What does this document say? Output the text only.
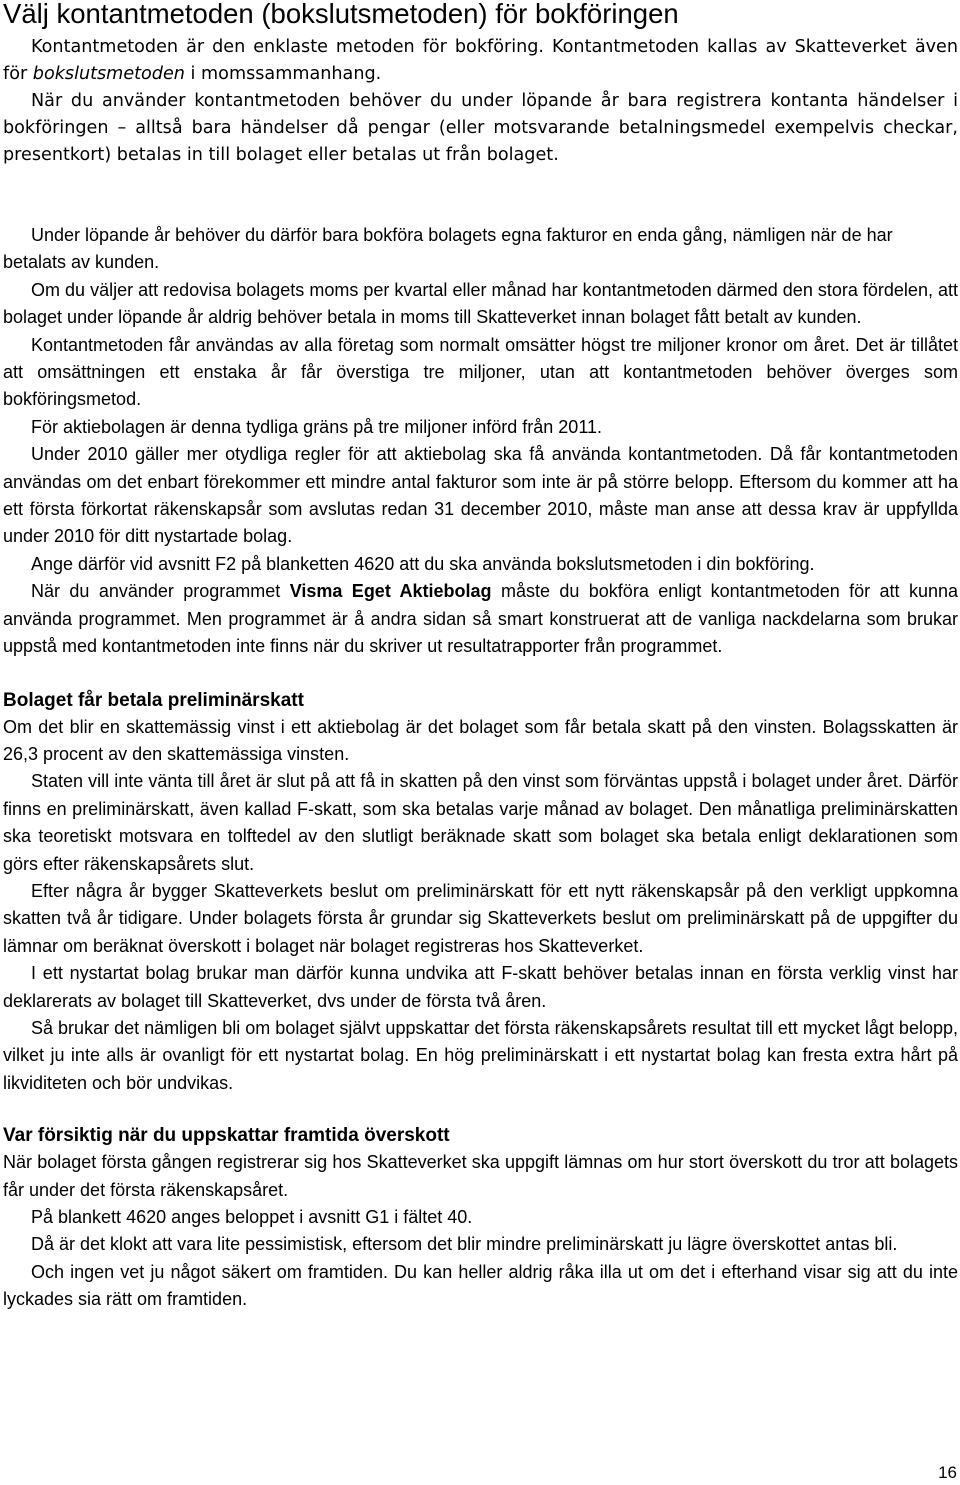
Välj kontantmetoden (bokslutsmetoden) för bokföringen

Kontantmetoden är den enklaste metoden för bokföring. Kontantmetoden kallas av Skatteverket även för bokslutsmetoden i momssammanhang.

När du använder kontantmetoden behöver du under löpande år bara registrera kontanta händelser i bokföringen – alltså bara händelser då pengar (eller motsvarande betalningsmedel exempelvis checkar, presentkort) betalas in till bolaget eller betalas ut från bolaget.

Under löpande år behöver du därför bara bokföra bolagets egna fakturor en enda gång, nämligen när de har betalats av kunden.

Om du väljer att redovisa bolagets moms per kvartal eller månad har kontantmetoden därmed den stora fördelen, att bolaget under löpande år aldrig behöver betala in moms till Skatteverket innan bolaget fått betalt av kunden.

Kontantmetoden får användas av alla företag som normalt omsätter högst tre miljoner kronor om året. Det är tillåtet att omsättningen ett enstaka år får överstiga tre miljoner, utan att kontantmetoden behöver överges som bokföringsmetod.

För aktiebolagen är denna tydliga gräns på tre miljoner införd från 2011.

Under 2010 gäller mer otydliga regler för att aktiebolag ska få använda kontantmetoden. Då får kontantmetoden användas om det enbart förekommer ett mindre antal fakturor som inte är på större belopp. Eftersom du kommer att ha ett första förkortat räkenskapsår som avslutas redan 31 december 2010, måste man anse att dessa krav är uppfyllda under 2010 för ditt nystartade bolag.

Ange därför vid avsnitt F2 på blanketten 4620 att du ska använda bokslutsmetoden i din bokföring.

När du använder programmet Visma Eget Aktiebolag måste du bokföra enligt kontantmetoden för att kunna använda programmet. Men programmet är å andra sidan så smart konstruerat att de vanliga nackdelarna som brukar uppstå med kontantmetoden inte finns när du skriver ut resultatrapporter från programmet.

Bolaget får betala preliminärskatt

Om det blir en skattemässig vinst i ett aktiebolag är det bolaget som får betala skatt på den vinsten. Bolagsskatten är 26,3 procent av den skattemässiga vinsten.

Staten vill inte vänta till året är slut på att få in skatten på den vinst som förväntas uppstå i bolaget under året. Därför finns en preliminärskatt, även kallad F-skatt, som ska betalas varje månad av bolaget. Den månatliga preliminärskatten ska teoretiskt motsvara en tolftedel av den slutligt beräknade skatt som bolaget ska betala enligt deklarationen som görs efter räkenskapsårets slut.

Efter några år bygger Skatteverkets beslut om preliminärskatt för ett nytt räkenskapsår på den verkligt uppkomna skatten två år tidigare. Under bolagets första år grundar sig Skatteverkets beslut om preliminärskatt på de uppgifter du lämnar om beräknat överskott i bolaget när bolaget registreras hos Skatteverket.

I ett nystartat bolag brukar man därför kunna undvika att F-skatt behöver betalas innan en första verklig vinst har deklarerats av bolaget till Skatteverket, dvs under de första två åren.

Så brukar det nämligen bli om bolaget självt uppskattar det första räkenskapsårets resultat till ett mycket lågt belopp, vilket ju inte alls är ovanligt för ett nystartat bolag. En hög preliminärskatt i ett nystartat bolag kan fresta extra hårt på likviditeten och bör undvikas.

Var försiktig när du uppskattar framtida överskott

När bolaget första gången registrerar sig hos Skatteverket ska uppgift lämnas om hur stort överskott du tror att bolagets får under det första räkenskapsåret.

På blankett 4620 anges beloppet i avsnitt G1 i fältet 40.

Då är det klokt att vara lite pessimistisk, eftersom det blir mindre preliminärskatt ju lägre överskottet antas bli.

Och ingen vet ju något säkert om framtiden. Du kan heller aldrig råka illa ut om det i efterhand visar sig att du inte lyckades sia rätt om framtiden.

16
